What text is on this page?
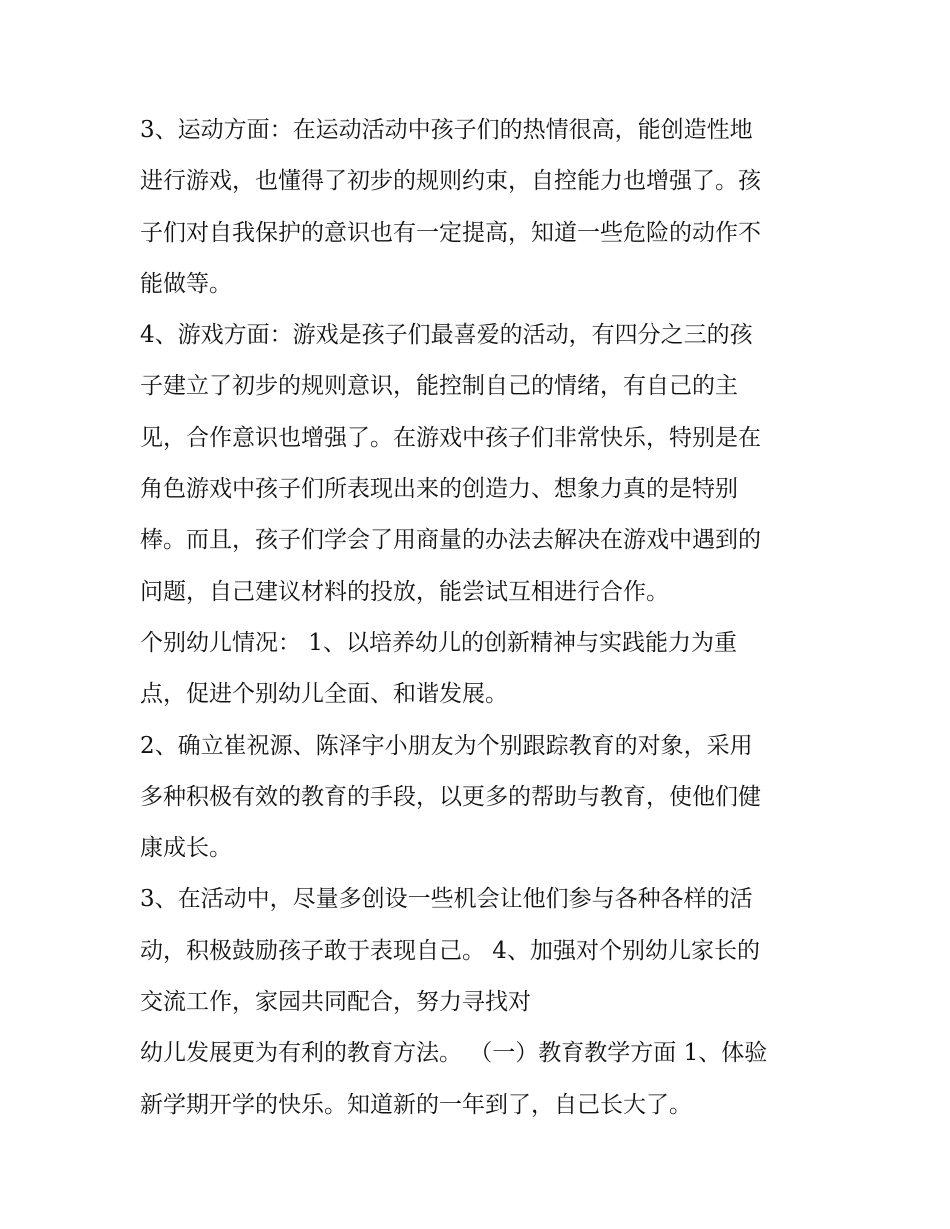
3、运动方面：在运动活动中孩子们的热情很高，能创造性地
进行游戏，也懂得了初步的规则约束，自控能力也增强了。孩
子们对自我保护的意识也有一定提高，知道一些危险的动作不
能做等。
4、游戏方面：游戏是孩子们最喜爱的活动，有四分之三的孩
子建立了初步的规则意识，能控制自己的情绪，有自己的主
见，合作意识也增强了。在游戏中孩子们非常快乐，特别是在
角色游戏中孩子们所表现出来的创造力、想象力真的是特别
棒。而且，孩子们学会了用商量的办法去解决在游戏中遇到的
问题，自己建议材料的投放，能尝试互相进行合作。
个别幼儿情况： 1、以培养幼儿的创新精神与实践能力为重
点，促进个别幼儿全面、和谐发展。
2、确立崔祝源、陈泽宇小朋友为个别跟踪教育的对象，采用
多种积极有效的教育的手段，以更多的帮助与教育，使他们健
康成长。
3、在活动中，尽量多创设一些机会让他们参与各种各样的活
动，积极鼓励孩子敢于表现自己。 4、加强对个别幼儿家长的
交流工作，家园共同配合，努力寻找对
幼儿发展更为有利的教育方法。 （一）教育教学方面 1、体验
新学期开学的快乐。知道新的一年到了，自己长大了。
